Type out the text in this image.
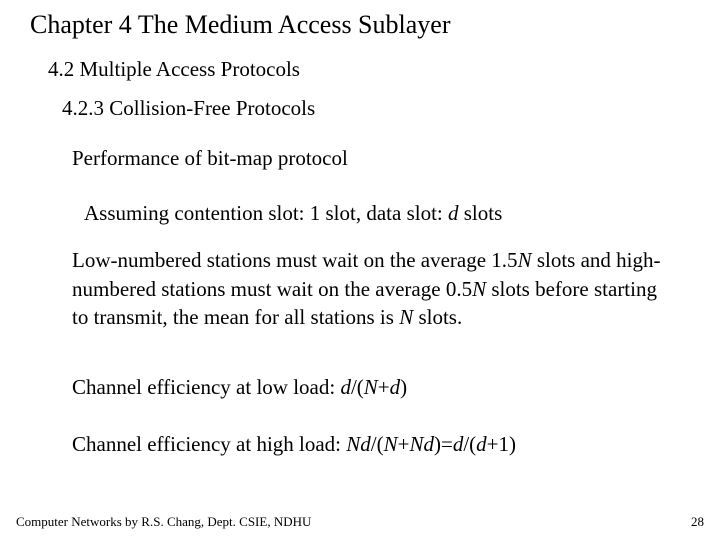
Chapter 4 The Medium Access Sublayer
4.2 Multiple Access Protocols
4.2.3 Collision-Free Protocols
Performance of bit-map protocol
Assuming contention slot: 1 slot, data slot: d slots
Low-numbered stations must wait on the average 1.5N slots and high-numbered stations must wait on the average 0.5N slots before starting to transmit, the mean for all stations is N slots.
Channel efficiency at low load: d/(N+d)
Channel efficiency at high load: Nd/(N+Nd)=d/(d+1)
Computer Networks by R.S. Chang, Dept. CSIE, NDHU	28
